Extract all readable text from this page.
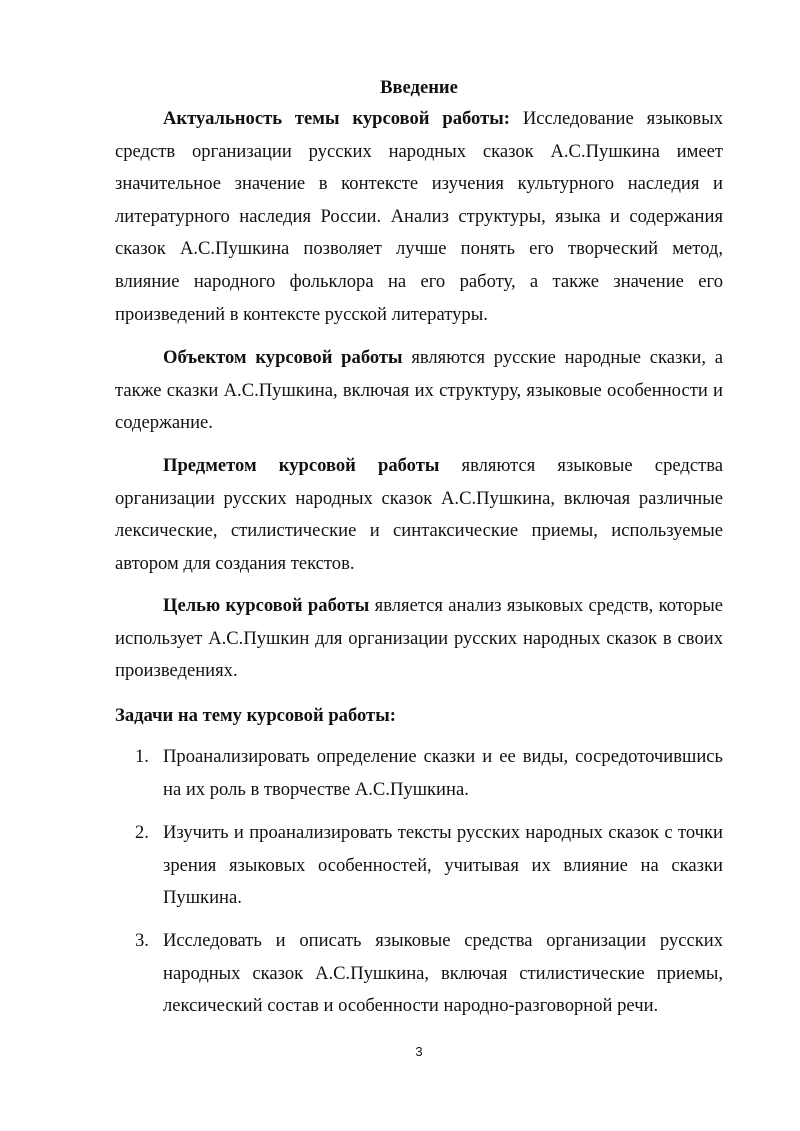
Введение
Актуальность темы курсовой работы: Исследование языковых средств организации русских народных сказок А.С.Пушкина имеет значительное значение в контексте изучения культурного наследия и литературного наследия России. Анализ структуры, языка и содержания сказок А.С.Пушкина позволяет лучше понять его творческий метод, влияние народного фольклора на его работу, а также значение его произведений в контексте русской литературы.
Объектом курсовой работы являются русские народные сказки, а также сказки А.С.Пушкина, включая их структуру, языковые особенности и содержание.
Предметом курсовой работы являются языковые средства организации русских народных сказок А.С.Пушкина, включая различные лексические, стилистические и синтаксические приемы, используемые автором для создания текстов.
Целью курсовой работы является анализ языковых средств, которые использует А.С.Пушкин для организации русских народных сказок в своих произведениях.
Задачи на тему курсовой работы:
1. Проанализировать определение сказки и ее виды, сосредоточившись на их роль в творчестве А.С.Пушкина.
2. Изучить и проанализировать тексты русских народных сказок с точки зрения языковых особенностей, учитывая их влияние на сказки Пушкина.
3. Исследовать и описать языковые средства организации русских народных сказок А.С.Пушкина, включая стилистические приемы, лексический состав и особенности народно-разговорной речи.
3
